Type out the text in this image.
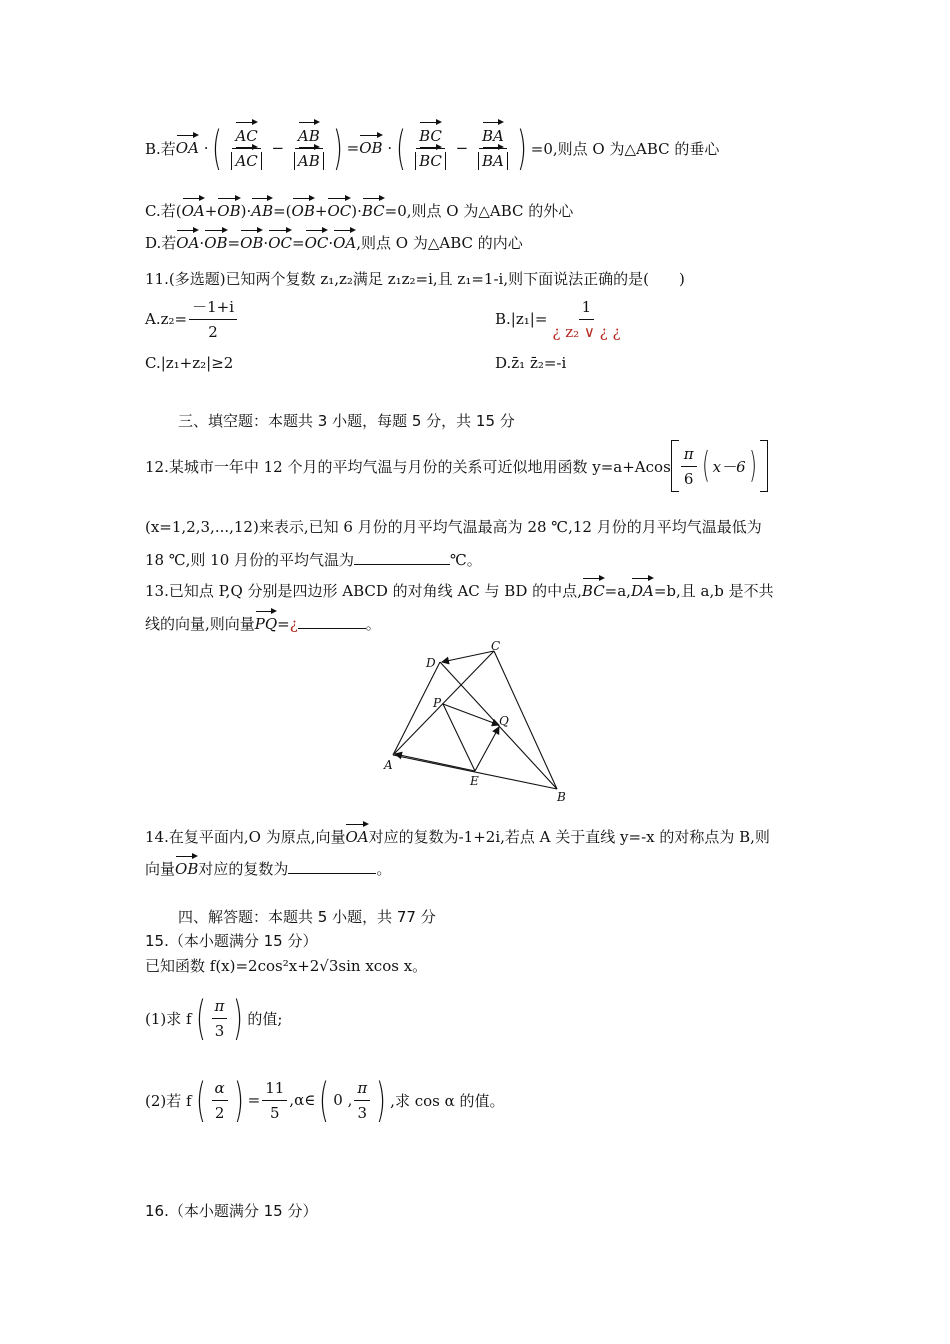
B.若 OA · ( $\frac{AC}{AC} - \frac{AB}{AB}$ ) = OB · ( $\frac{BC}{BC} - \frac{BA}{BA}$ ) =0,则点 O 为△ABC 的垂心
C.若(OA+OB)·AB=(OB+OC)·BC=0,则点 O 为△ABC 的外心
D.若OA·OB=OB·OC=OC·OA,则点 O 为△ABC 的内心
11.(多选题)已知两个复数 z₁,z₂满足 z₁z₂=i,且 z₁=1-i,则下面说法正确的是(　　)
$A.z_2= \frac{-1+i}{2}$	$B.|z_1|= \frac{1}{\text{¿ z₂ ∨ ¿ ¿}}$
C.|z₁+z₂|≥2	D.z̄₁ z̄₂=-i
三、填空题：本题共 3 小题，每题 5 分，共 15 分
12.某城市一年中 12 个月的平均气温与月份的关系可近似地用函数 $y=a+Acos \frac{\pi}{6}$ ( x－6 )
(x=1,2,3,...,12)来表示,已知 6 月份的月平均气温最高为 28 ℃,12 月份的月平均气温最低为
18 ℃,则 10 月份的平均气温为	℃。
13.已知点 P,Q 分别是四边形 ABCD 的对角线 AC 与 BD 的中点,BC=a,DA=b,且 a,b 是不共
线的向量,则向量PQ=¿	。
A
B
C
D
P
Q
E
14.在复平面内,O 为原点,向量OA对应的复数为-1+2i,若点 A 关于直线 y=-x 的对称点为 B,则
向量OB对应的复数为	。
四、解答题：本题共 5 小题，共 77 分
15.（本小题满分 15 分）
已知函数 f(x)=2cos²x+2√3sin xcos x。
(1)求 f ( $\frac{\pi}{3}$ ) 的值;
(2)若 f ( $\frac{\alpha}{2}$ ) = $\frac{11}{5}$ ,α∈ ( 0 , $\frac{\pi}{3}$ ) ,求 cos α 的值。
16.（本小题满分 15 分）
